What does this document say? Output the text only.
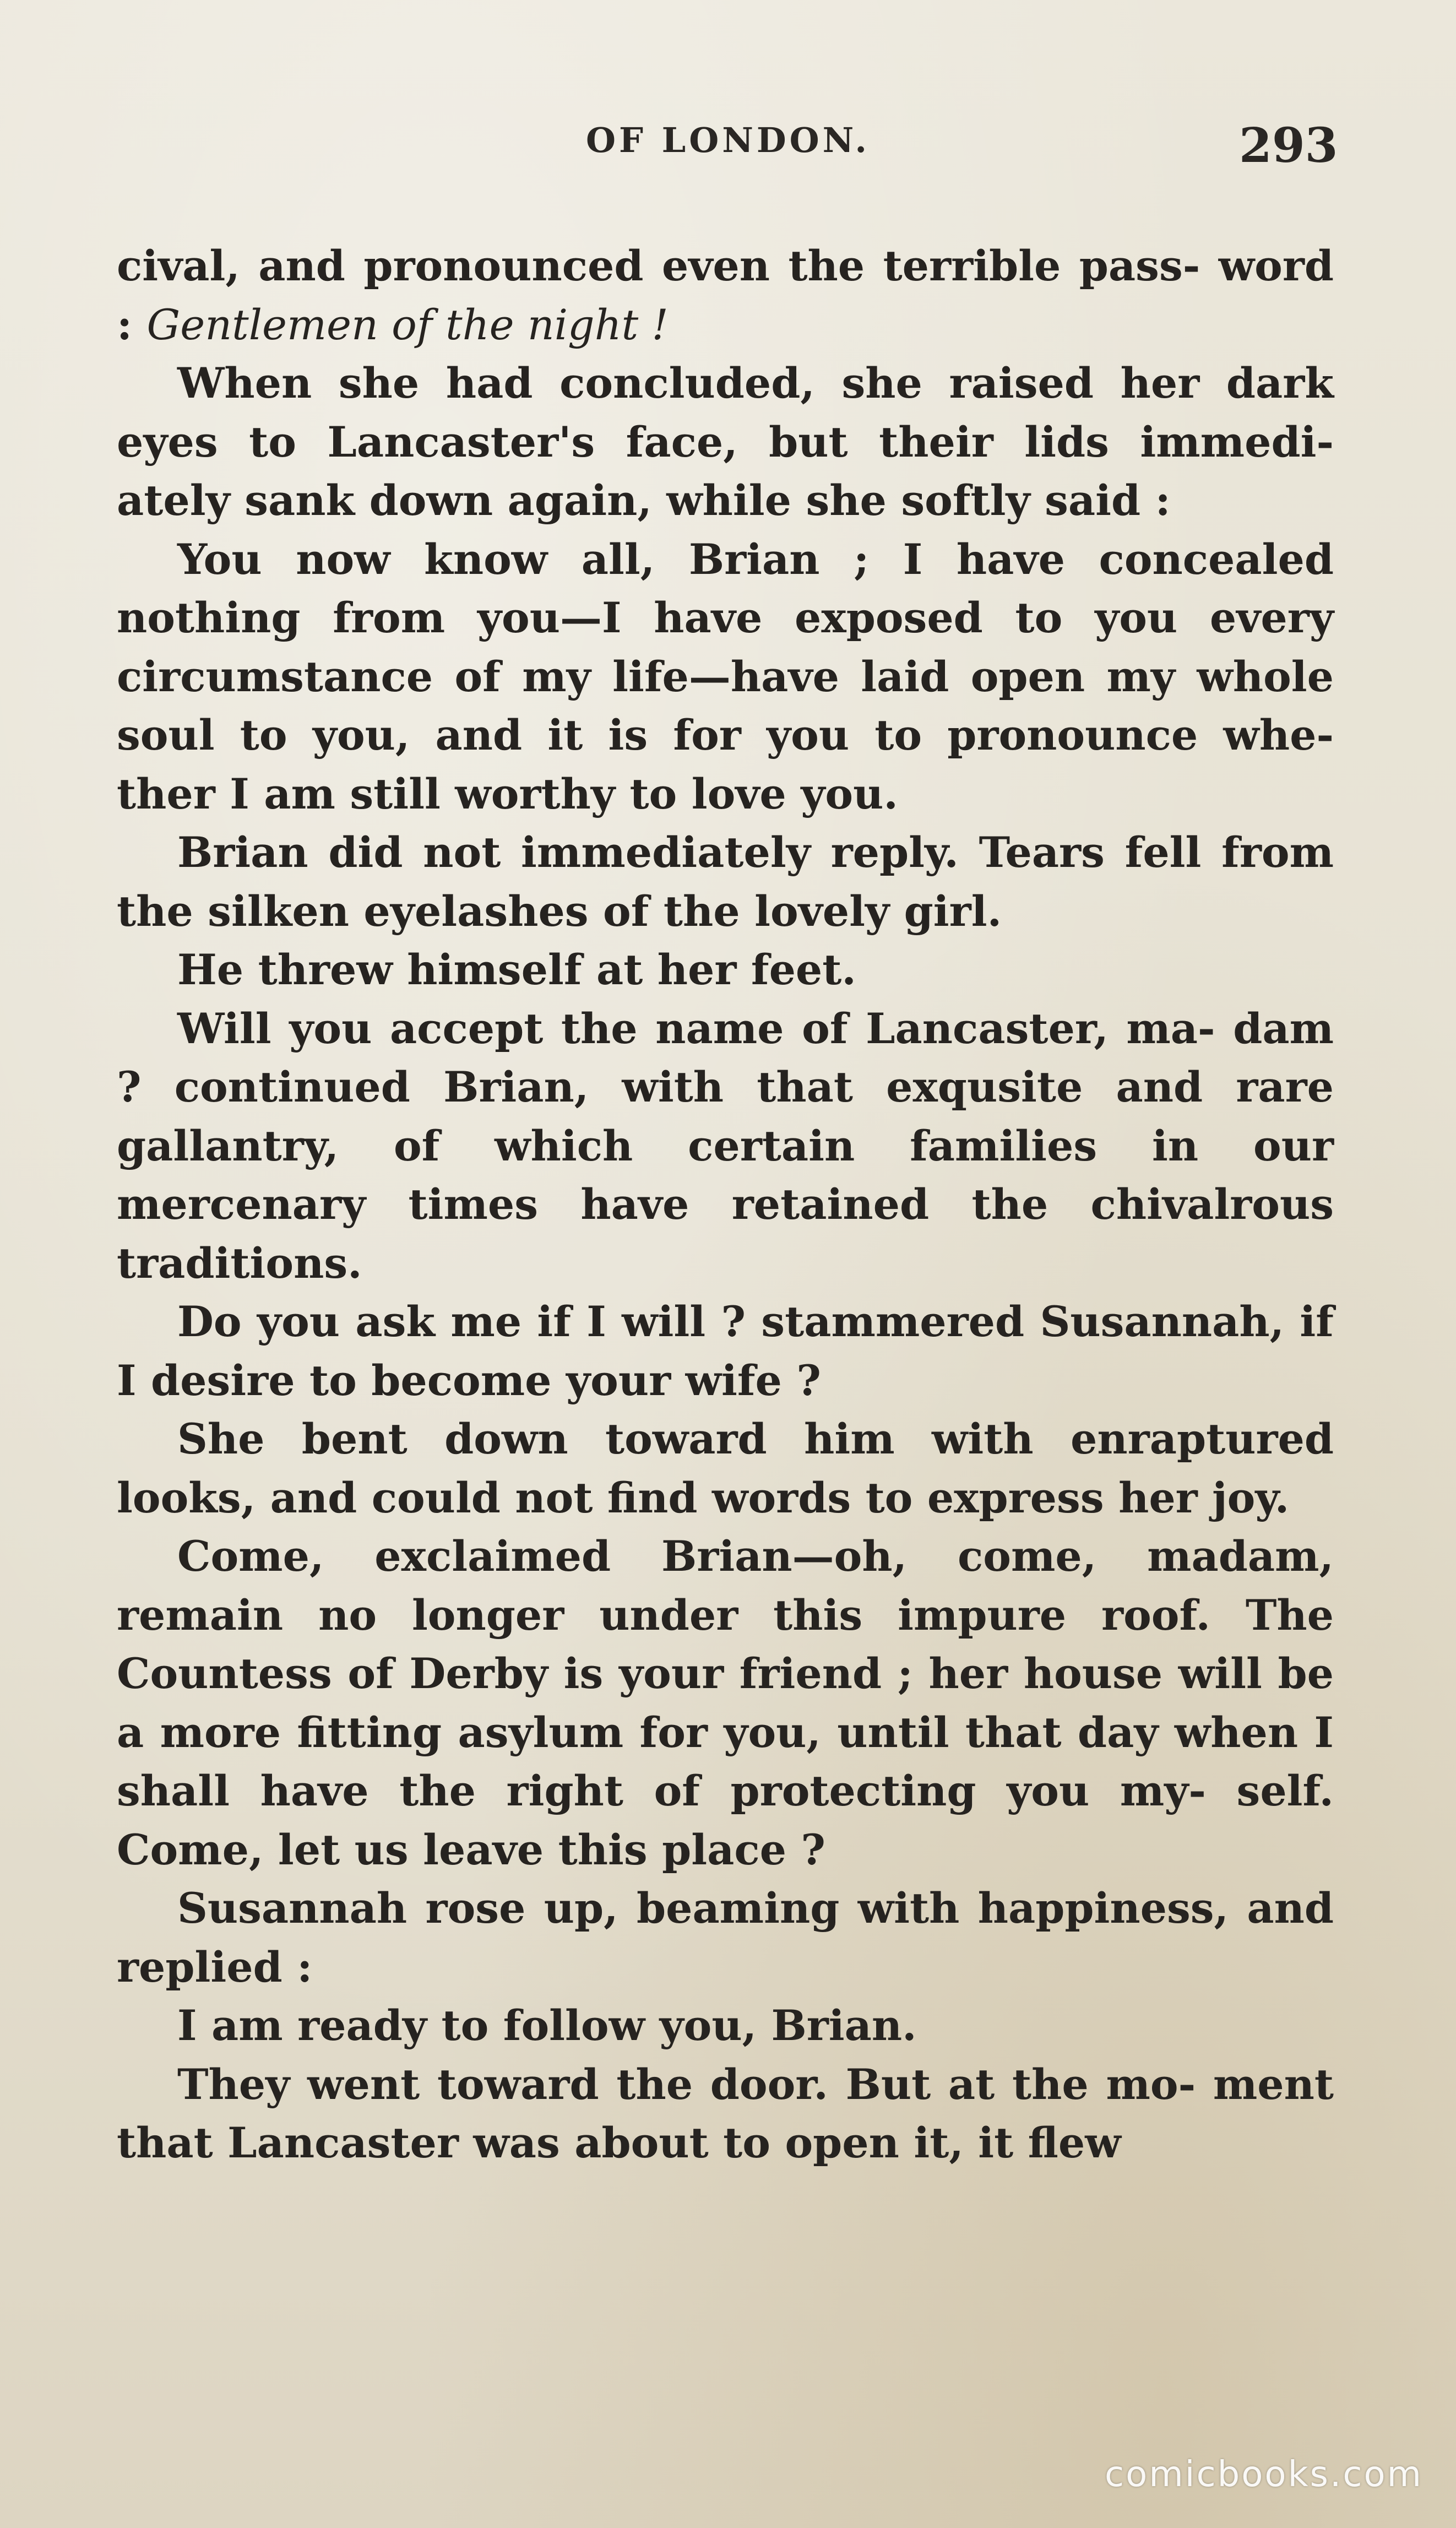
OF LONDON.	293

cival, and pronounced even the terrible pass- word : Gentlemen of the night !

When she had concluded, she raised her dark eyes to Lancaster's face, but their lids immedi- ately sank down again, while she softly said :

You now know all, Brian ; I have concealed nothing from you—I have exposed to you every circumstance of my life—have laid open my whole soul to you, and it is for you to pronounce whe- ther I am still worthy to love you.

Brian did not immediately reply. Tears fell from the silken eyelashes of the lovely girl.

He threw himself at her feet.

Will you accept the name of Lancaster, ma- dam ? continued Brian, with that exqusite and rare gallantry, of which certain families in our mercenary times have retained the chivalrous traditions.

Do you ask me if I will ? stammered Susannah, if I desire to become your wife ?

She bent down toward him with enraptured looks, and could not find words to express her joy.

Come, exclaimed Brian—oh, come, madam, remain no longer under this impure roof. The Countess of Derby is your friend ; her house will be a more fitting asylum for you, until that day when I shall have the right of protecting you my- self. Come, let us leave this place ?

Susannah rose up, beaming with happiness, and replied :

I am ready to follow you, Brian.

They went toward the door. But at the mo- ment that Lancaster was about to open it, it flew

comicbooks.com
